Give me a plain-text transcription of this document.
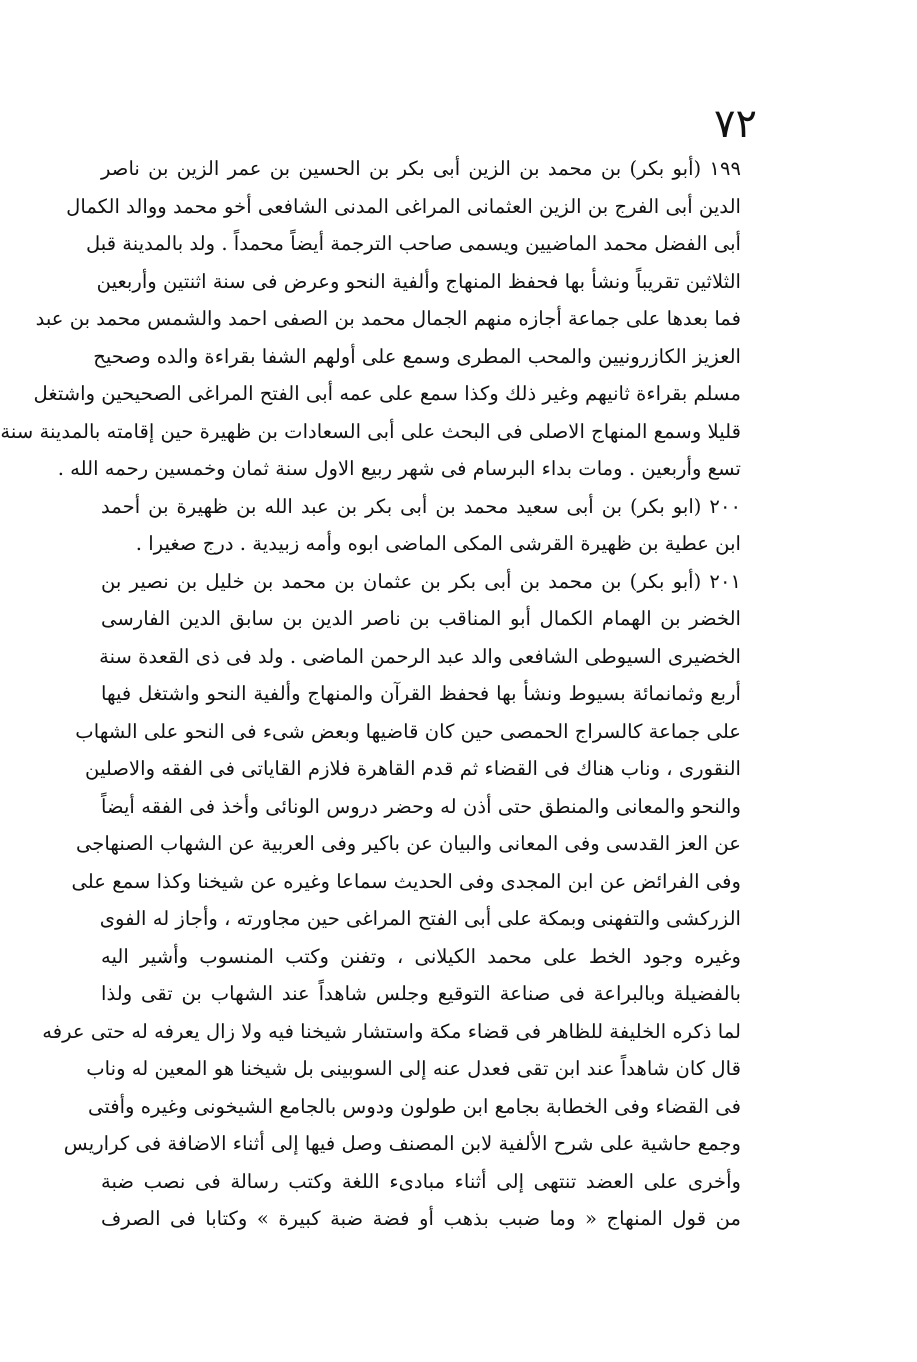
٧٢
١٩٩ (أبو بكر) بن محمد بن الزين أبى بكر بن الحسين بن عمر الزين بن ناصر
الدين أبى الفرج بن الزين العثمانى المراغى المدنى الشافعى أخو محمد ووالد الكمال
أبى الفضل محمد الماضيين ويسمى صاحب الترجمة أيضاً محمداً . ولد بالمدينة قبل
الثلاثين تقريباً ونشأ بها فحفظ المنهاج وألفية النحو وعرض فى سنة اثنتين وأربعين
فما بعدها على جماعة أجازه منهم الجمال محمد بن الصفى احمد والشمس محمد بن عبد
العزيز الكازرونيين والمحب المطرى وسمع على أولهم الشفا بقراءة والده وصحيح
مسلم بقراءة ثانيهم وغير ذلك وكذا سمع على عمه أبى الفتح المراغى الصحيحين واشتغل
قليلا وسمع المنهاج الاصلى فى البحث على أبى السعادات بن ظهيرة حين إقامته بالمدينة سنة
تسع وأربعين . ومات بداء البرسام فى شهر ربيع الاول سنة ثمان وخمسين رحمه الله .
٢٠٠ (ابو بكر) بن أبى سعيد محمد بن أبى بكر بن عبد الله بن ظهيرة بن أحمد
ابن عطية بن ظهيرة القرشى المكى الماضى ابوه وأمه زبيدية . درج صغيرا .
٢٠١ (أبو بكر) بن محمد بن أبى بكر بن عثمان بن محمد بن خليل بن نصير بن
الخضر بن الهمام الكمال أبو المناقب بن ناصر الدين بن سابق الدين الفارسى
الخضيرى السيوطى الشافعى والد عبد الرحمن الماضى . ولد فى ذى القعدة سنة
أربع وثمانمائة بسيوط ونشأ بها فحفظ القرآن والمنهاج وألفية النحو واشتغل فيها
على جماعة كالسراج الحمصى حين كان قاضيها وبعض شىء فى النحو على الشهاب
النقورى ، وناب هناك فى القضاء ثم قدم القاهرة فلازم القاياتى فى الفقه والاصلين
والنحو والمعانى والمنطق حتى أذن له وحضر دروس الونائى وأخذ فى الفقه أيضاً
عن العز القدسى وفى المعانى والبيان عن باكير وفى العربية عن الشهاب الصنهاجى
وفى الفرائض عن ابن المجدى وفى الحديث سماعا وغيره عن شيخنا وكذا سمع على
الزركشى والتفهنى وبمكة على أبى الفتح المراغى حين مجاورته ، وأجاز له الفوى
وغيره وجود الخط على محمد الكيلانى ، وتفنن وكتب المنسوب وأشير اليه
بالفضيلة وبالبراعة فى صناعة التوقيع وجلس شاهداً عند الشهاب بن تقى ولذا
لما ذكره الخليفة للظاهر فى قضاء مكة واستشار شيخنا فيه ولا زال يعرفه له حتى عرفه
قال كان شاهداً عند ابن تقى فعدل عنه إلى السوبينى بل شيخنا هو المعين له وناب
فى القضاء وفى الخطابة بجامع ابن طولون ودوس بالجامع الشيخونى وغيره وأفتى
وجمع حاشية على شرح الألفية لابن المصنف وصل فيها إلى أثناء الاضافة فى كراريس
وأخرى على العضد تنتهى إلى أثناء مبادىء اللغة وكتب رسالة فى نصب ضبة
من قول المنهاج « وما ضبب بذهب أو فضة ضبة كبيرة » وكتابا فى الصرف
